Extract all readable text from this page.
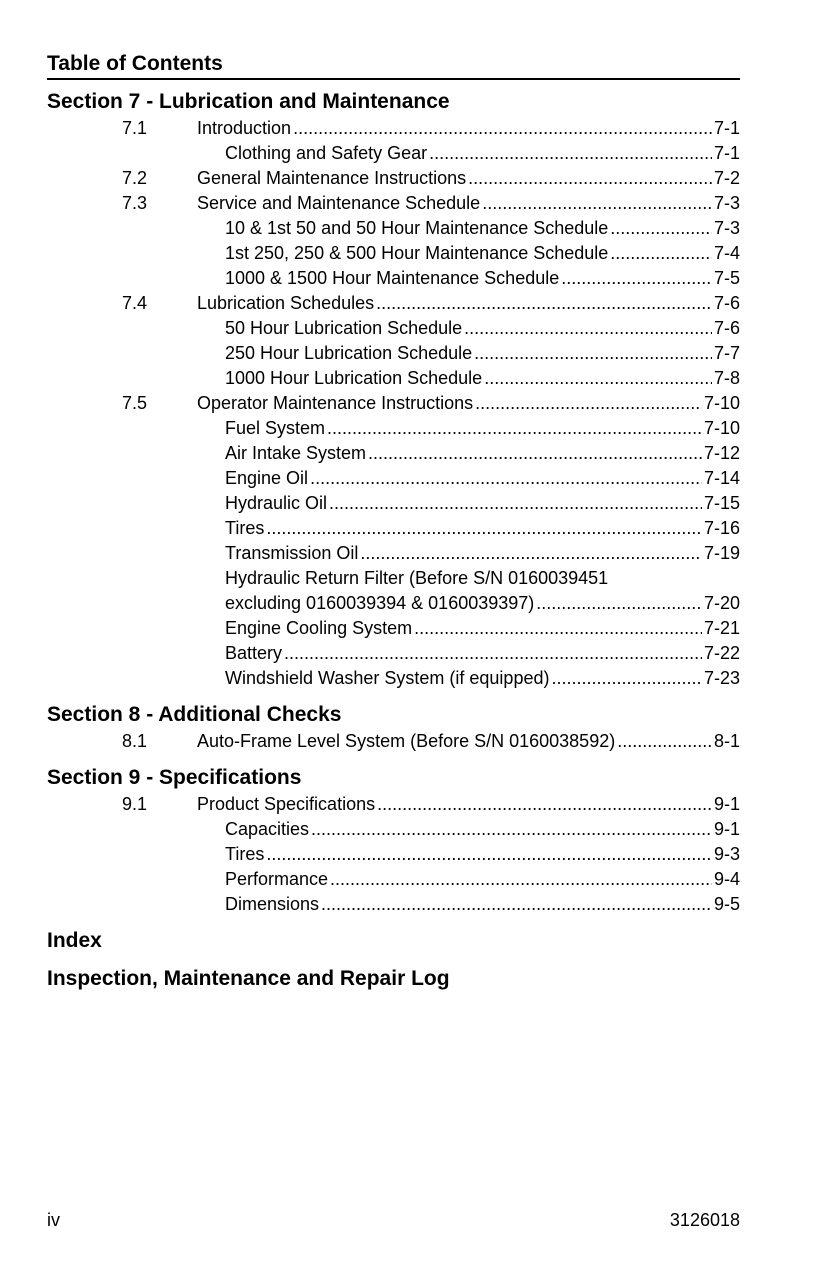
Table of Contents
Section 7 - Lubrication and Maintenance
7.1	Introduction .....	7-1
Clothing and Safety Gear .....	7-1
7.2	General Maintenance Instructions .....	7-2
7.3	Service and Maintenance Schedule .....	7-3
10 & 1st 50 and 50 Hour Maintenance Schedule .....	7-3
1st 250, 250 & 500 Hour Maintenance Schedule .....	7-4
1000 & 1500 Hour Maintenance Schedule .....	7-5
7.4	Lubrication Schedules .....	7-6
50 Hour Lubrication Schedule .....	7-6
250 Hour Lubrication Schedule .....	7-7
1000 Hour Lubrication Schedule .....	7-8
7.5	Operator Maintenance Instructions .....	7-10
Fuel System .....	7-10
Air Intake System .....	7-12
Engine Oil .....	7-14
Hydraulic Oil .....	7-15
Tires .....	7-16
Transmission Oil .....	7-19
Hydraulic Return Filter (Before S/N 0160039451
excluding 0160039394 & 0160039397) .....	7-20
Engine Cooling System .....	7-21
Battery .....	7-22
Windshield Washer System (if equipped) .....	7-23
Section 8 - Additional Checks
8.1	Auto-Frame Level System (Before S/N 0160038592) .....	8-1
Section 9 - Specifications
9.1	Product Specifications .....	9-1
Capacities .....	9-1
Tires .....	9-3
Performance .....	9-4
Dimensions .....	9-5
Index
Inspection, Maintenance and Repair Log
iv	3126018
